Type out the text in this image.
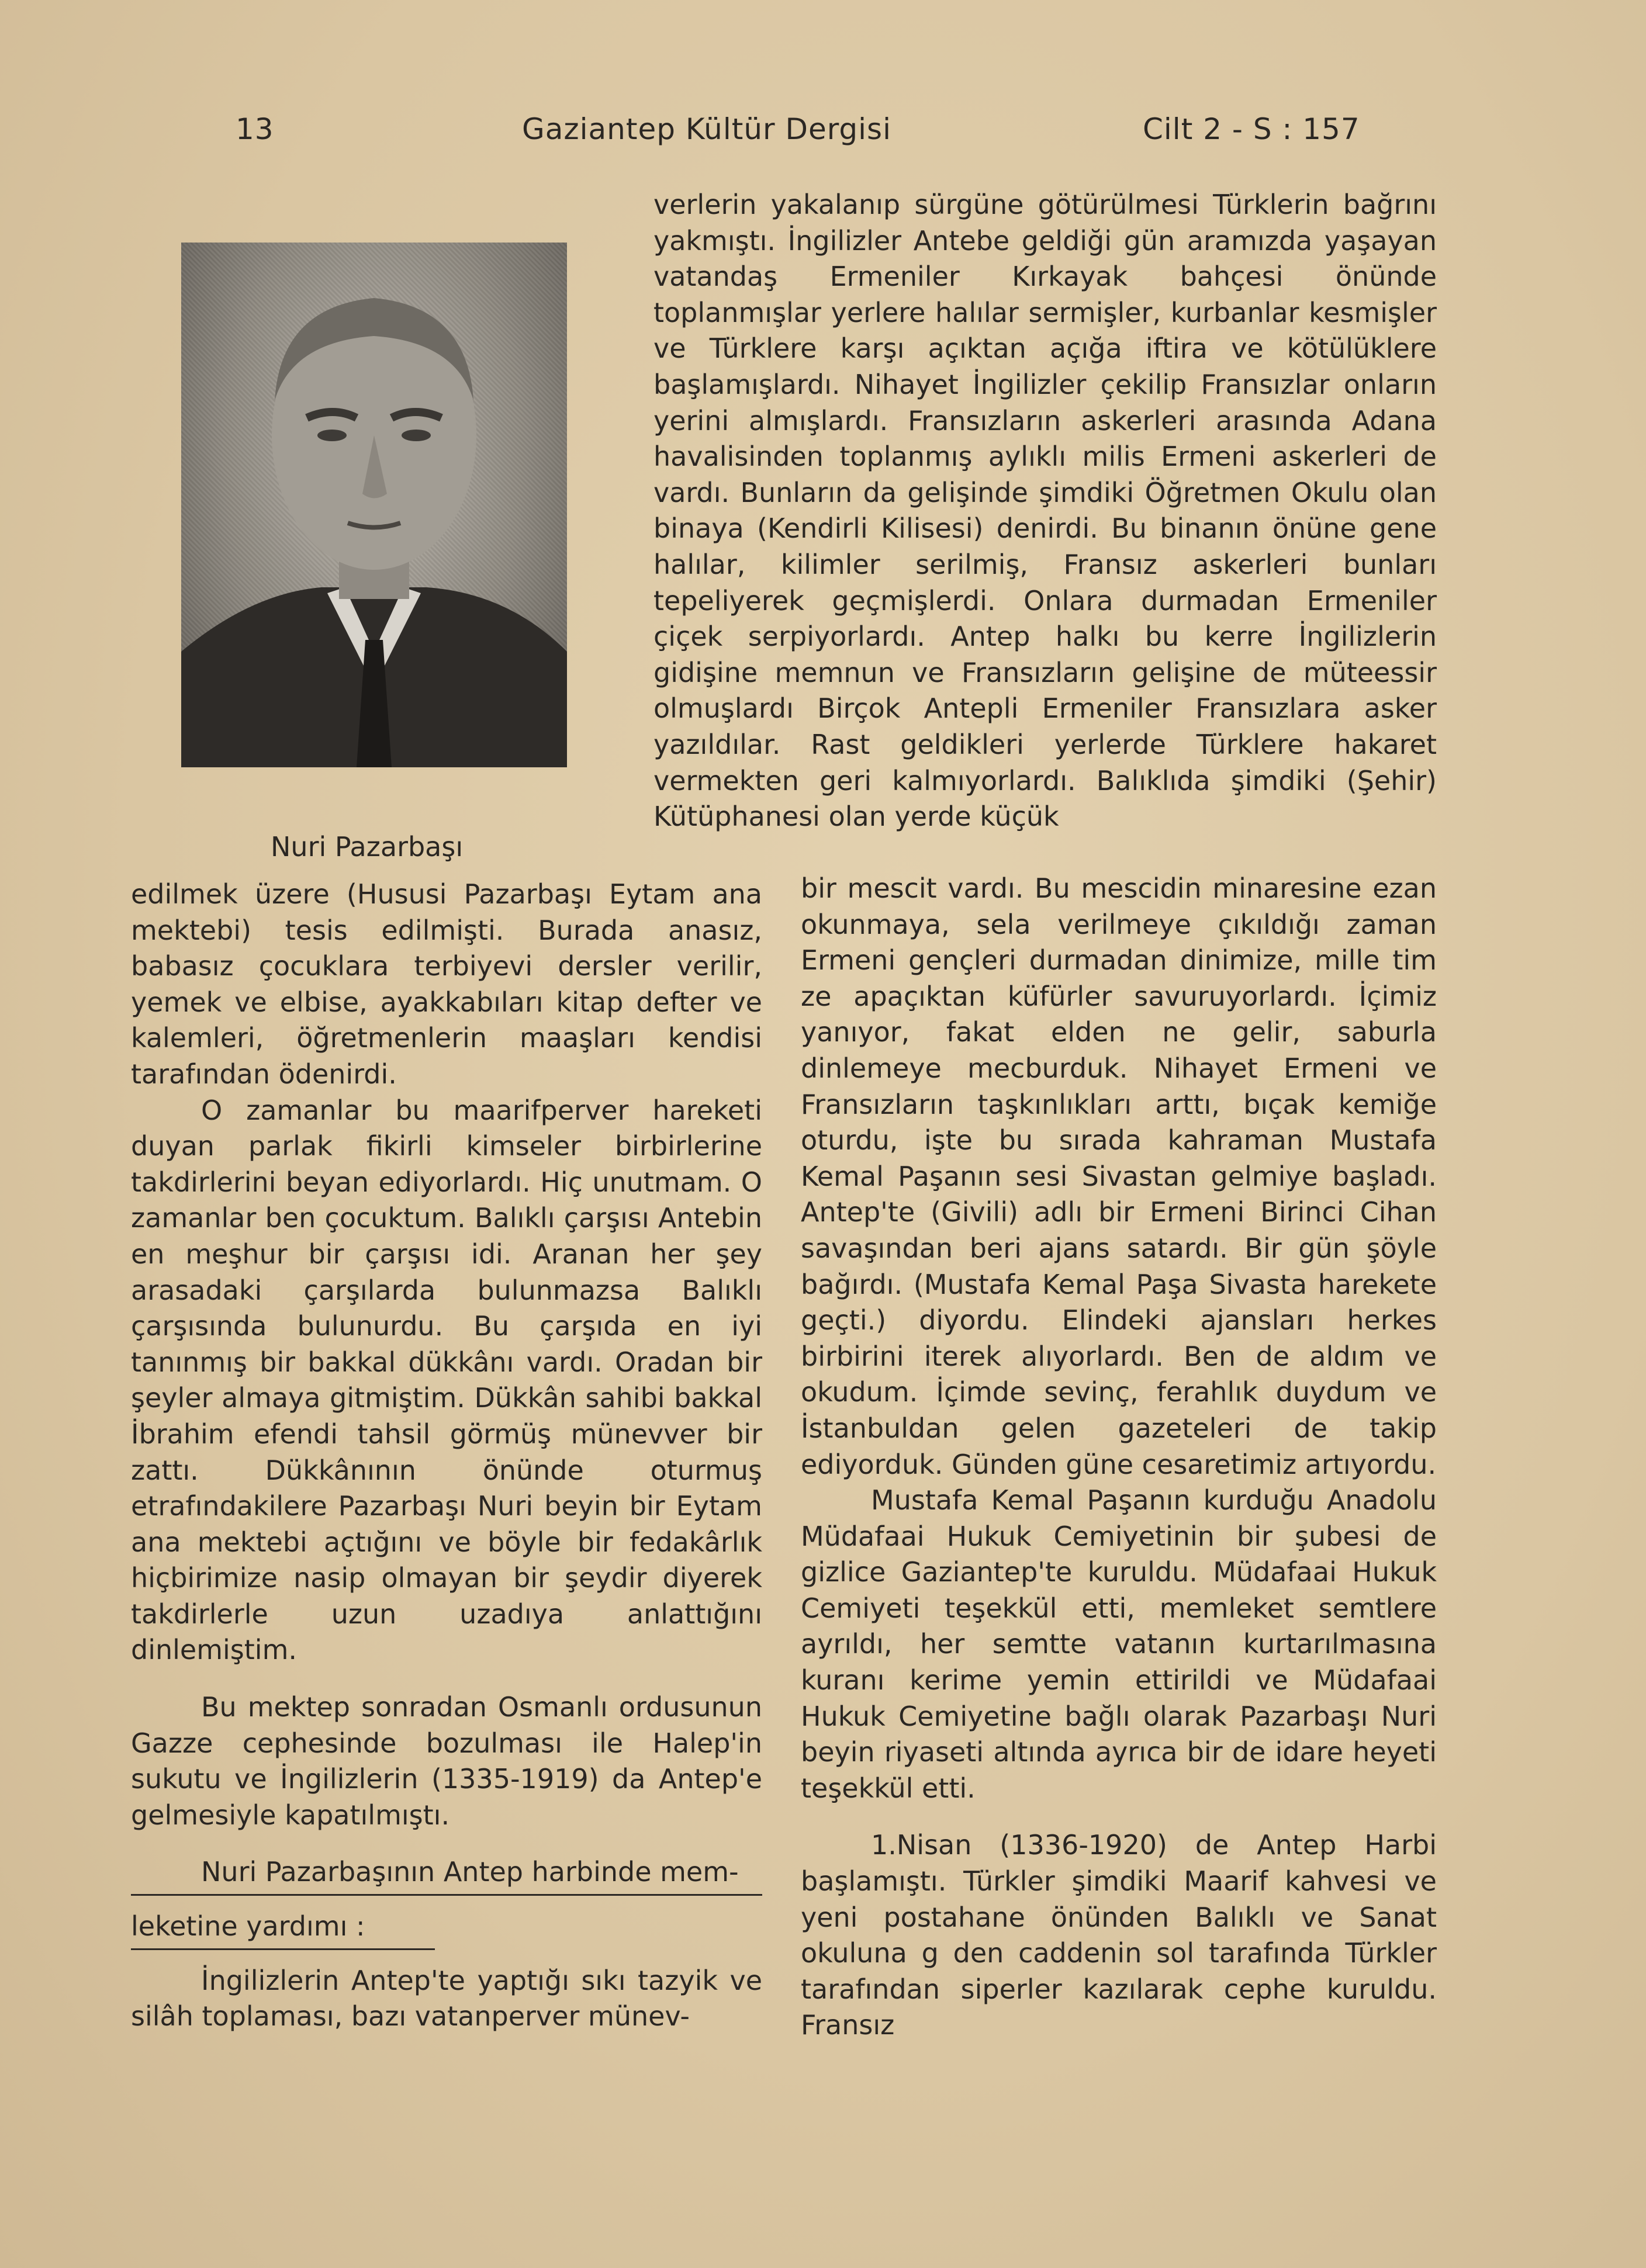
13	Gaziantep Kültür Dergisi	Cilt 2 - S : 157
Nuri Pazarbaşı

verlerin yakalanıp sürgüne götürülmesi Türklerin bağrını yakmıştı. İngilizler Antebe geldiği gün aramızda yaşayan vatandaş Ermeniler Kırkayak bahçesi önünde toplanmışlar yerlere halılar sermişler, kurbanlar kesmişler ve Türklere karşı açıktan açığa iftira ve kötülüklere başlamışlardı. Nihayet İngilizler çekilip Fransızlar onların yerini almışlardı. Fransızların askerleri arasında Adana havalisinden toplanmış aylıklı milis Ermeni askerleri de vardı. Bunların da gelişinde şimdiki Öğretmen Okulu olan binaya (Kendirli Kilisesi) denirdi. Bu binanın önüne gene halılar, kilimler serilmiş, Fransız askerleri bunları tepeliyerek geçmişlerdi. Onlara durmadan Ermeniler çiçek serpiyorlardı. Antep halkı bu kerre İngilizlerin gidişine memnun ve Fransızların gelişine de müteessir olmuşlardı Birçok Antepli Ermeniler Fransızlara asker yazıldılar. Rast geldikleri yerlerde Türklere hakaret vermekten geri kalmıyorlardı. Balıklıda şimdiki (Şehir) Kütüphanesi olan yerde küçük

bir mescit vardı. Bu mescidin minaresine ezan okunmaya, sela verilmeye çıkıldığı zaman Ermeni gençleri durmadan dinimize, mille tim ze apaçıktan küfürler savuruyorlardı. İçimiz yanıyor, fakat elden ne gelir, saburla dinlemeye mecburduk. Nihayet Ermeni ve Fransızların taşkınlıkları arttı, bıçak kemiğe oturdu, işte bu sırada kahraman Mustafa Kemal Paşanın sesi Sivastan gelmiye başladı. Antep'te (Givili) adlı bir Ermeni Birinci Cihan savaşından beri ajans satardı. Bir gün şöyle bağırdı. (Mustafa Kemal Paşa Sivasta harekete geçti.) diyordu. Elindeki ajansları herkes birbirini iterek alıyorlardı. Ben de aldım ve okudum. İçimde sevinç, ferahlık duydum ve İstanbuldan gelen gazeteleri de takip ediyorduk. Günden güne cesaretimiz artıyordu.

Mustafa Kemal Paşanın kurduğu Anadolu Müdafaai Hukuk Cemiyetinin bir şubesi de gizlice Gaziantep'te kuruldu. Müdafaai Hukuk Cemiyeti teşekkül etti, memleket semtlere ayrıldı, her semtte vatanın kurtarılmasına kuranı kerime yemin ettirildi ve Müdafaai Hukuk Cemiyetine bağlı olarak Pazarbaşı Nuri beyin riyaseti altında ayrıca bir de idare heyeti teşekkül etti.

1.Nisan (1336-1920) de Antep Harbi başlamıştı. Türkler şimdiki Maarif kahvesi ve yeni postahane önünden Balıklı ve Sanat okuluna g den caddenin sol tarafında Türkler tarafından siperler kazılarak cephe kuruldu. Fransız

edilmek üzere (Hususi Pazarbaşı Eytam ana mektebi) tesis edilmişti. Burada anasız, babasız çocuklara terbiyevi dersler verilir, yemek ve elbise, ayakkabıları kitap defter ve kalemleri, öğretmenlerin maaşları kendisi tarafından ödenirdi.

O zamanlar bu maarifperver hareketi duyan parlak fikirli kimseler birbirlerine takdirlerini beyan ediyorlardı. Hiç unutmam. O zamanlar ben çocuktum. Balıklı çarşısı Antebin en meşhur bir çarşısı idi. Aranan her şey arasadaki çarşılarda bulunmazsa Balıklı çarşısında bulunurdu. Bu çarşıda en iyi tanınmış bir bakkal dükkânı vardı. Oradan bir şeyler almaya gitmiştim. Dükkân sahibi bakkal İbrahim efendi tahsil görmüş münevver bir zattı. Dükkânının önünde oturmuş etrafındakilere Pazarbaşı Nuri beyin bir Eytam ana mektebi açtığını ve böyle bir fedakârlık hiçbirimize nasip olmayan bir şeydir diyerek takdirlerle uzun uzadıya anlattığını dinlemiştim.

Bu mektep sonradan Osmanlı ordusunun Gazze cephesinde bozulması ile Halep'in sukutu ve İngilizlerin (1335-1919) da Antep'e gelmesiyle kapatılmıştı.

Nuri Pazarbaşının Antep harbinde mem-

leketine yardımı :

İngilizlerin Antep'te yaptığı sıkı tazyik ve silâh toplaması, bazı vatanperver münev-
